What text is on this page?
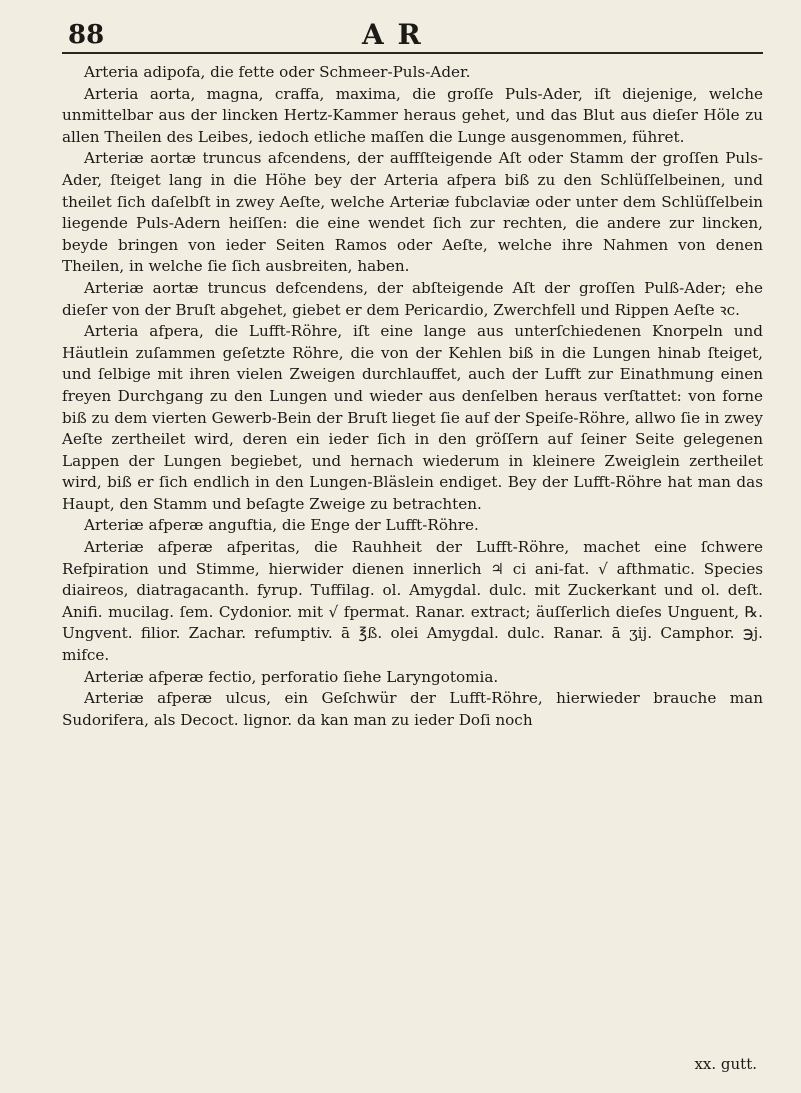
88	A R

Arteria adipofa, die fette oder Schmeer-Puls-Ader.

Arteria aorta, magna, craffa, maxima, die groſſe Puls-Ader, iſt diejenige, welche unmittelbar aus der lincken Hertz-Kammer heraus gehet, und das Blut aus dieſer Höle zu allen Theilen des Leibes, iedoch etliche maſſen die Lunge ausgenommen, führet.

Arteriæ aortæ truncus afcendens, der auffſteigende Aſt oder Stamm der groſſen Puls-Ader, ſteiget lang in die Höhe bey der Arteria afpera biß zu den Schlüſſelbeinen, und theilet ſich daſelbſt in zwey Aeſte, welche Arteriæ fubclaviæ oder unter dem Schlüſſelbein liegende Puls-Adern heiſſen: die eine wendet ſich zur rechten, die andere zur lincken, beyde bringen von ieder Seiten Ramos oder Aeſte, welche ihre Nahmen von denen Theilen, in welche ſie ſich ausbreiten, haben.

Arteriæ aortæ truncus defcendens, der abſteigende Aſt der groſſen Pulß-Ader; ehe dieſer von der Bruſt abgehet, giebet er dem Pericardio, Zwerchfell und Rippen Aeſte ꝛc.

Arteria afpera, die Lufft-Röhre, iſt eine lange aus unterſchiedenen Knorpeln und Häutlein zuſammen geſetzte Röhre, die von der Kehlen biß in die Lungen hinab ſteiget, und ſelbige mit ihren vielen Zweigen durchlauffet, auch der Lufft zur Einathmung einen freyen Durchgang zu den Lungen und wieder aus denſelben heraus verſtattet: von forne biß zu dem vierten Gewerb-Bein der Bruſt lieget ſie auf der Speiſe-Röhre, allwo ſie in zwey Aeſte zertheilet wird, deren ein ieder ſich in den gröſſern auf ſeiner Seite gelegenen Lappen der Lungen begiebet, und hernach wiederum in kleinere Zweiglein zertheilet wird, biß er ſich endlich in den Lungen-Bläslein endiget. Bey der Lufft-Röhre hat man das Haupt, den Stamm und beſagte Zweige zu betrachten.

Arteriæ afperæ anguftia, die Enge der Lufft-Röhre.

Arteriæ afperæ afperitas, die Rauhheit der Lufft-Röhre, machet eine ſchwere Refpiration und Stimme, hierwider dienen innerlich ♃ ci ani-fat. √ afthmatic. Species diaireos, diatragacanth. fyrup. Tuffilag. ol. Amygdal. dulc. mit Zuckerkant und ol. deſt. Anifi. mucilag. ſem. Cydonior. mit √ fpermat. Ranar. extract; äuſſerlich dieſes Unguent, ℞. Ungvent. filior. Zachar. refumptiv. ā ℥ß. olei Amygdal. dulc. Ranar. ā ʒij. Camphor. ℈j. mifce.

Arteriæ afperæ fectio, perforatio ſiehe Laryngotomia.

Arteriæ afperæ ulcus, ein Geſchwür der Lufft-Röhre, hierwieder brauche man Sudorifera, als Decoct. lignor. da kan man zu ieder Doſi noch

xx. gutt.
